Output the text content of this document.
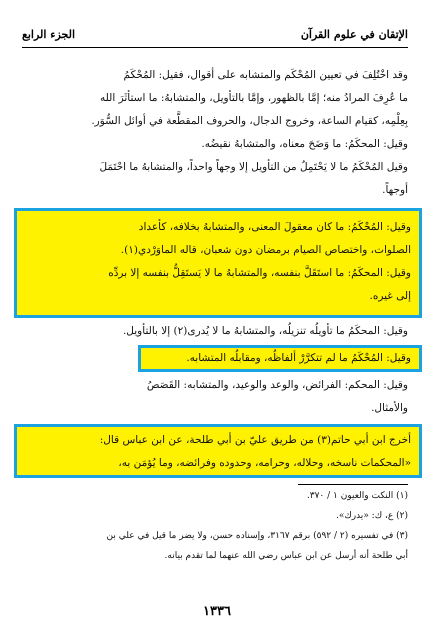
الإتقان في علوم القرآن
الجزء الرابع
وقد اخْتُلِفَ في تعيين المُحْكَم والمتشابه على أقوال، فقيل: المُحْكَمُ
ما عُرِفَ المرادُ منه؛ إمَّا بالظهور، وإمَّا بالتأويل، والمتشابهُ: ما استأثَرَ الله
بِعِلْمِه، كقيام الساعة، وخروج الدجال، والحروف المقطَّعة في أوائل السُّوَر.
وقيل: المحكَمُ: ما وَضَحَ معناه، والمتشابهُ نقيضُه.
وقيل المُحْكَمُ ما لا يَحْتَمِلُ من التأويل إلا وجهاً واحداً، والمتشابهُ ما احْتَمَلَ
أوجهاً.
وقيل: المُحْكَمُ: ما كان معقولَ المعنى، والمتشابهُ بخلافه، كأعداد
الصلوات، واختصاص الصيام برمضان دون شعبان، قاله الماوَرْدي(١).
وقيل: المحكَمُ: ما استَقَلَّ بنفسه، والمتشابهُ ما لا يَستَقِلُّ بنفسه إلا بردِّه
إلى غيره.
وقيل: المحكَمُ ما تأويلُه تنزيلُه، والمتشابهُ ما لا يُدرى(٢) إلا بالتأويل.
وقيل: المُحْكَمُ ما لم تتكرَّرْ ألفاظُه، ومقابلُه المتشابه.
وقيل: المحكم: الفرائض، والوعد والوعيد، والمتشابه: القَصَصُ
والأمثال.
أخرج ابن أبي حاتم(٣) من طريق عليّ بن أبي طلحة، عن ابن عباس قال:
«المحكمات ناسخه، وحلاله، وحرامه، وحدوده وفرائضه، وما يُؤمَن به،
(١) النكت والعيون ١ / ٣٧٠.
(٢) ع، ك: «يدرك».
(٣) في تفسيره (٢ / ٥٩٢) برقم ٣١٦٧، وإسناده حسن، ولا يضر ما قيل في علي بن
أبي طلحة أنه أرسل عن ابن عباس رضي الله عنهما لما تقدم بيانه.
١٣٣٦
